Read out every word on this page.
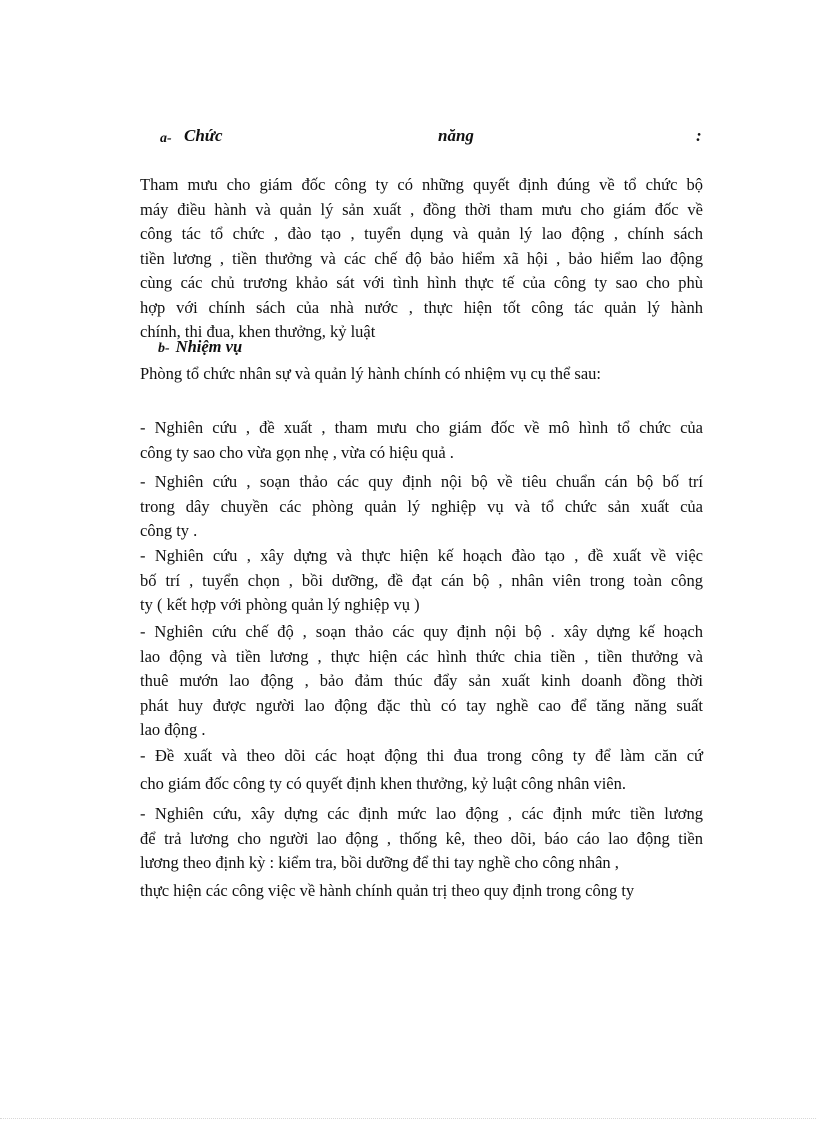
a- Chức	năng	:
Tham mưu cho giám đốc công ty có những quyết định đúng về tổ chức bộ
máy điều hành và quản lý sản xuất , đồng thời tham mưu cho giám đốc về
công tác tổ chức , đào tạo , tuyển dụng và quản lý lao động , chính sách
tiền lương , tiền thưởng và các chế độ bảo hiểm xã hội , bảo hiểm lao động
cùng các chủ trương khảo sát với tình hình thực tế của công ty sao cho phù
hợp với chính sách của nhà nước , thực hiện tốt công tác quản lý hành
chính, thi đua, khen thưởng, kỷ luật
b- Nhiệm vụ
Phòng tổ chức nhân sự và quản lý hành chính có nhiệm vụ cụ thể sau:
- Nghiên cứu , đề xuất , tham mưu cho giám đốc về mô hình tổ chức của
công ty sao cho vừa gọn nhẹ , vừa có hiệu quả .
- Nghiên cứu , soạn thảo các quy định nội bộ về tiêu chuẩn cán bộ bố trí
trong dây chuyền các phòng quản lý nghiệp vụ và tổ chức sản xuất của
công ty .
- Nghiên cứu , xây dựng và thực hiện kế hoạch đào tạo , đề xuất về việc
bố trí , tuyển chọn , bồi dưỡng, đề đạt cán bộ , nhân viên trong toàn công
ty ( kết hợp với phòng quản lý nghiệp vụ )
- Nghiên cứu chế độ , soạn thảo các quy định nội bộ . xây dựng kế hoạch
lao động và tiền lương , thực hiện các hình thức chia tiền , tiền thưởng và
thuê mướn lao động , bảo đảm thúc đẩy sản xuất kinh doanh đồng thời
phát huy được người lao động đặc thù có tay nghề cao để tăng năng suất
lao động .
- Đề xuất và theo dõi các hoạt động thi đua trong công ty để làm căn cứ
cho giám đốc công ty có quyết định khen thưởng, kỷ luật công nhân viên.
- Nghiên cứu, xây dựng các định mức lao động , các định mức tiền lương
để trả lương cho người lao động , thống kê, theo dõi, báo cáo lao động tiền
lương theo định kỳ : kiểm tra, bồi dưỡng để thi tay nghề cho công nhân ,
thực hiện các công việc về hành chính quản trị theo quy định trong công ty
